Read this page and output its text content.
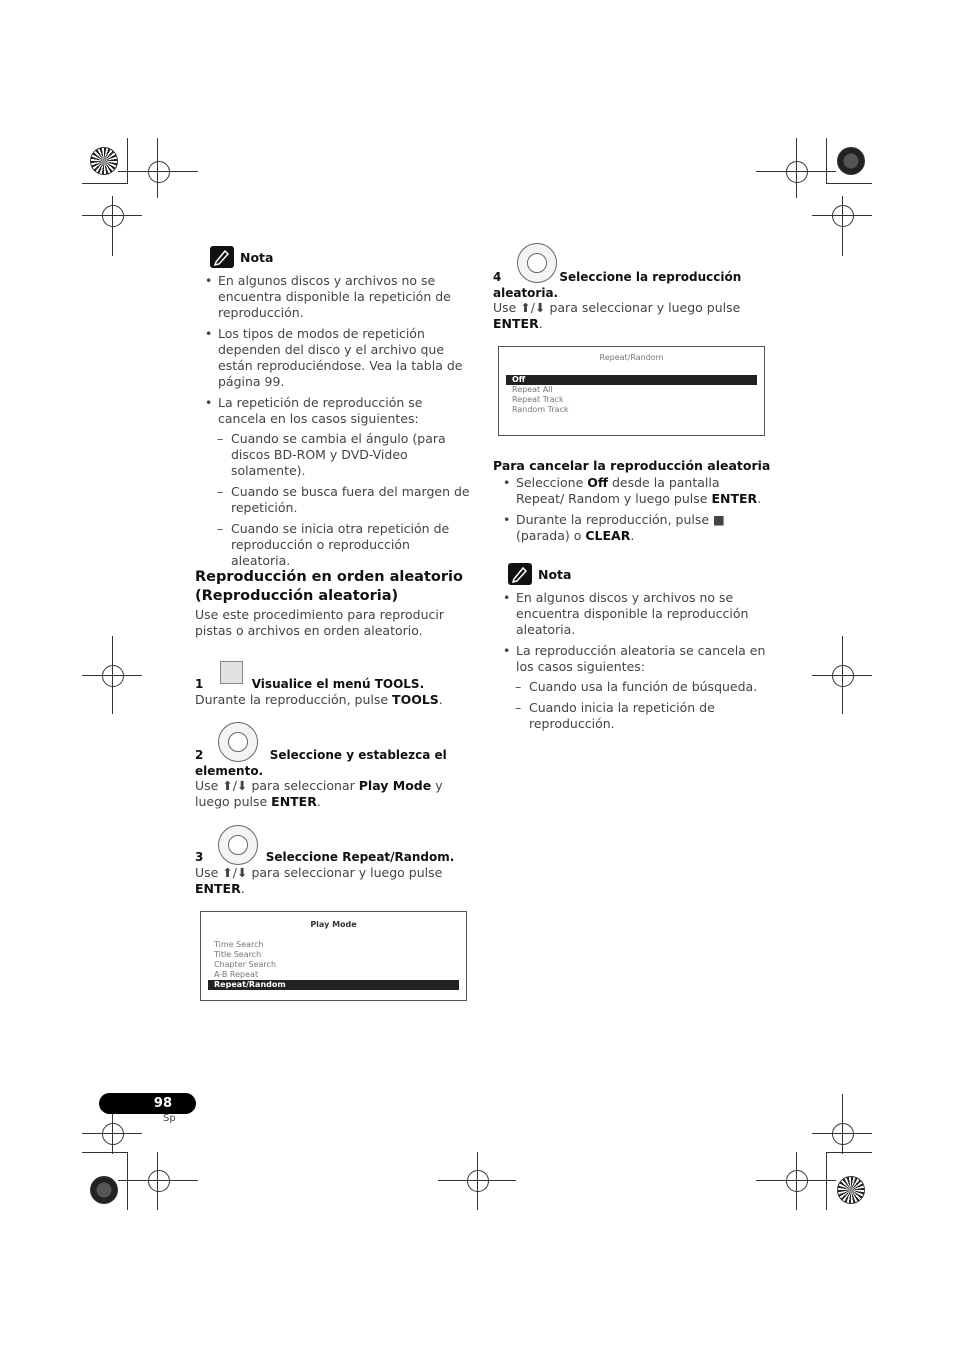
Nota
• En algunos discos y archivos no se encuentra disponible la repetición de reproducción.
• Los tipos de modos de repetición dependen del disco y el archivo que están reproduciéndose. Vea la tabla de página 99.
• La repetición de reproducción se cancela en los casos siguientes:
– Cuando se cambia el ángulo (para discos BD-ROM y DVD-Video solamente).
– Cuando se busca fuera del margen de repetición.
– Cuando se inicia otra repetición de reproducción o reproducción aleatoria.
Reproducción en orden aleatorio
(Reproducción aleatoria)
Use este procedimiento para reproducir pistas o archivos en orden aleatorio.
1	Visualice el menú TOOLS.
Durante la reproducción, pulse TOOLS.
2	Seleccione y establezca el elemento.
Use ⬆/⬇ para seleccionar Play Mode y luego pulse ENTER.
3	Seleccione Repeat/Random.
Use ⬆/⬇ para seleccionar y luego pulse ENTER.
Play Mode
Time Search
Title Search
Chapter Search
A-B Repeat
Repeat/Random
4	Seleccione la reproducción
aleatoria.
Use ⬆/⬇ para seleccionar y luego pulse ENTER.
Repeat/Random
Off
Repeat All
Repeat Track
Random Track
Para cancelar la reproducción aleatoria
• Seleccione Off desde la pantalla Repeat/ Random y luego pulse ENTER.
• Durante la reproducción, pulse ■ (parada) o CLEAR.
Nota
• En algunos discos y archivos no se encuentra disponible la reproducción aleatoria.
• La reproducción aleatoria se cancela en los casos siguientes:
– Cuando usa la función de búsqueda.
– Cuando inicia la repetición de reproducción.
98
Sp
